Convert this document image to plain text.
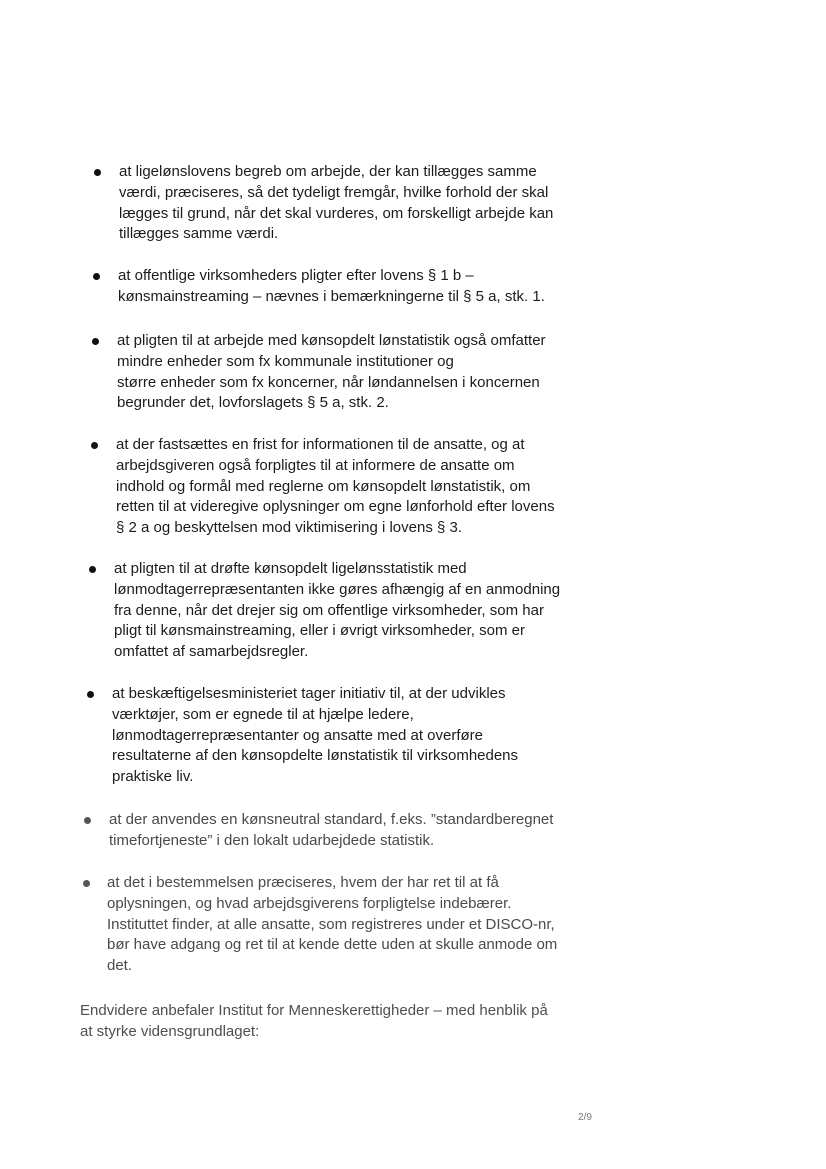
at ligelønslovens begreb om arbejde, der kan tillægges samme
værdi, præciseres, så det tydeligt fremgår, hvilke forhold der skal
lægges til grund, når det skal vurderes, om forskelligt arbejde kan
tillægges samme værdi.
at offentlige virksomheders pligter efter lovens § 1 b –
kønsmainstreaming – nævnes i bemærkningerne til § 5 a, stk. 1.
at pligten til at arbejde med kønsopdelt lønstatistik også omfatter
mindre enheder som fx kommunale institutioner og
større enheder som fx koncerner, når løndannelsen i koncernen
begrunder det, lovforslagets § 5 a, stk. 2.
at der fastsættes en frist for informationen til de ansatte, og at
arbejdsgiveren også forpligtes til at informere de ansatte om
indhold og formål med reglerne om kønsopdelt lønstatistik, om
retten til at videregive oplysninger om egne lønforhold efter lovens
§ 2 a og beskyttelsen mod viktimisering i lovens § 3.
at pligten til at drøfte kønsopdelt ligelønsstatistik med
lønmodtagerrepræsentanten ikke gøres afhængig af en anmodning
fra denne, når det drejer sig om offentlige virksomheder, som har
pligt til kønsmainstreaming, eller i øvrigt virksomheder, som er
omfattet af samarbejdsregler.
at beskæftigelsesministeriet tager initiativ til, at der udvikles
værktøjer, som er egnede til at hjælpe ledere,
lønmodtagerrepræsentanter og ansatte med at overføre
resultaterne af den kønsopdelte lønstatistik til virksomhedens
praktiske liv.
at der anvendes en kønsneutral standard, f.eks. ”standardberegnet
timefortjeneste” i den lokalt udarbejdede statistik.
at det i bestemmelsen præciseres, hvem der har ret til at få
oplysningen, og hvad arbejdsgiverens forpligtelse indebærer.
Instituttet finder, at alle ansatte, som registreres under et DISCO-nr,
bør have adgang og ret til at kende dette uden at skulle anmode om
det.
Endvidere anbefaler Institut for Menneskerettigheder – med henblik på
at styrke vidensgrundlaget:
2/9
